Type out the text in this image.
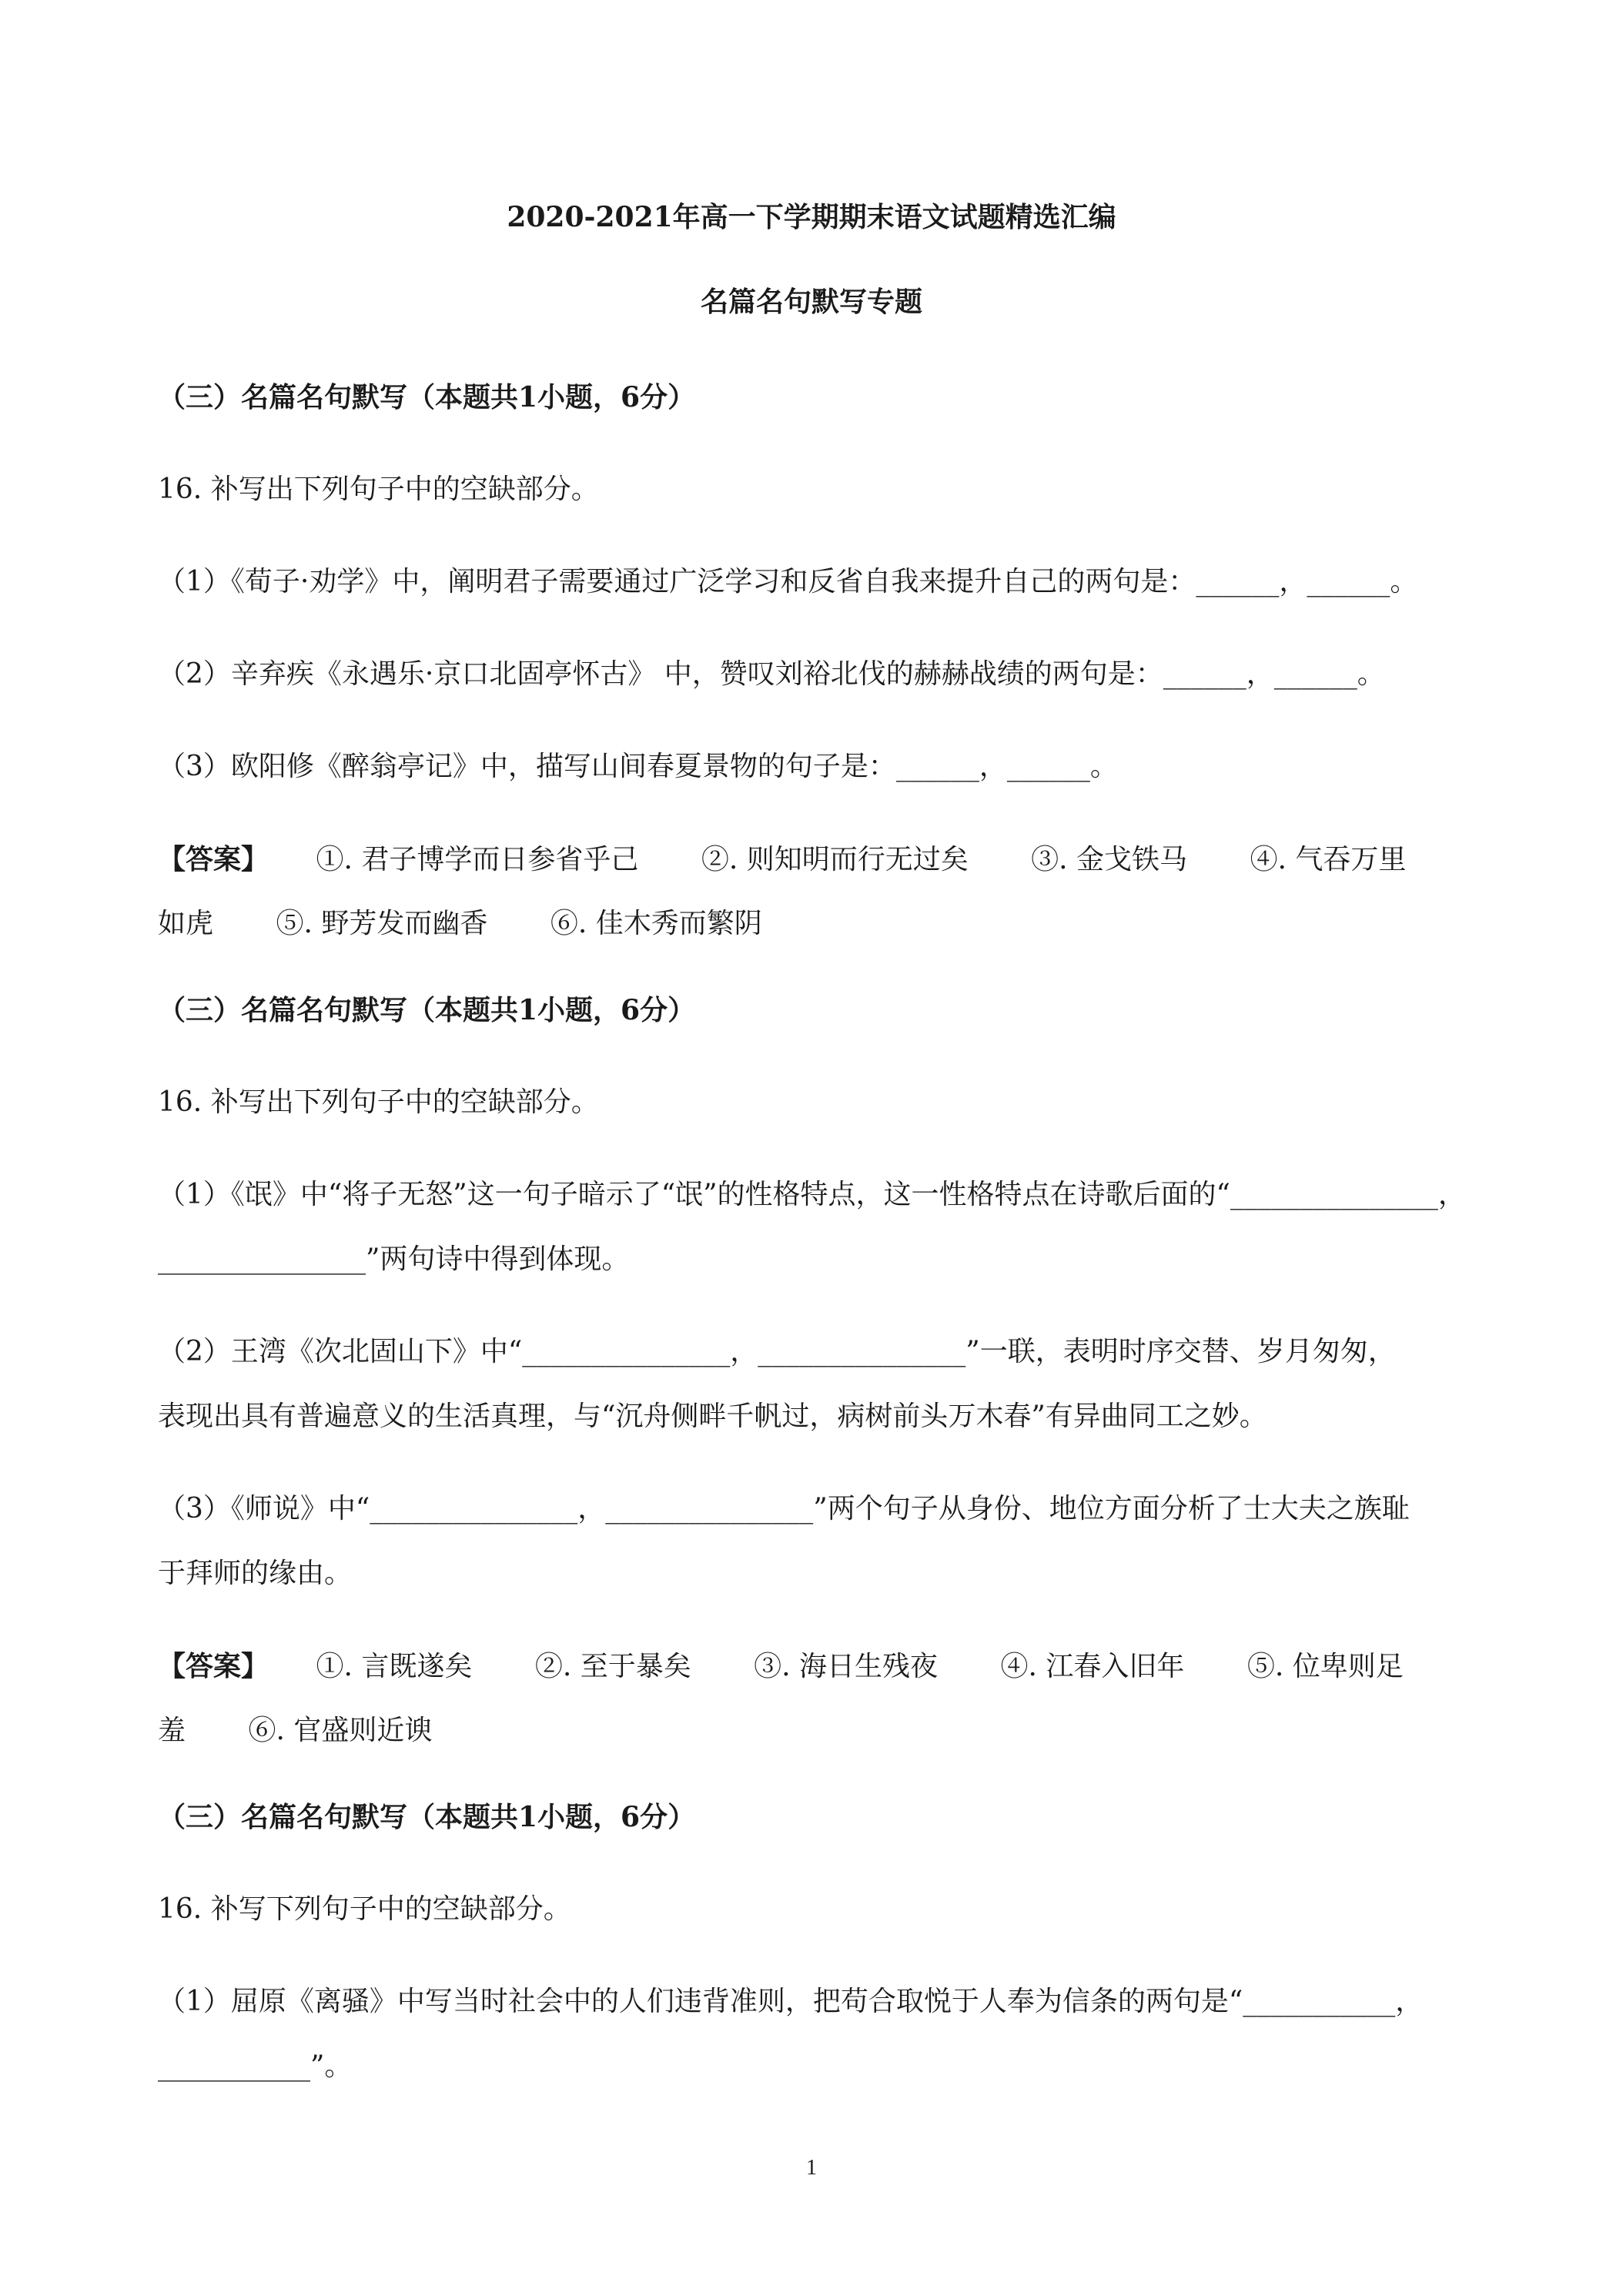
2020-2021年高一下学期期末语文试题精选汇编
名篇名句默写专题
（三）名篇名句默写（本题共1小题，6分）
16. 补写出下列句子中的空缺部分。
（1）《荀子·劝学》中，阐明君子需要通过广泛学习和反省自我来提升自己的两句是：______，______。
（2）辛弃疾《永遇乐·京口北固亭怀古》 中，赞叹刘裕北伐的赫赫战绩的两句是：______，______。
（3）欧阳修《醉翁亭记》中，描写山间春夏景物的句子是：______，______。
【答案】 ①. 君子博学而日参省乎己 ②. 则知明而行无过矣 ③. 金戈铁马 ④. 气吞万里
如虎 ⑤. 野芳发而幽香 ⑥. 佳木秀而繁阴
（三）名篇名句默写（本题共1小题，6分）
16. 补写出下列句子中的空缺部分。
（1）《氓》中“将子无怒”这一句子暗示了“氓”的性格特点，这一性格特点在诗歌后面的“_______________，
_______________”两句诗中得到体现。
（2）王湾《次北固山下》中“_______________，_______________”一联，表明时序交替、岁月匆匆，
表现出具有普遍意义的生活真理，与“沉舟侧畔千帆过，病树前头万木春”有异曲同工之妙。
（3）《师说》中“_______________，_______________”两个句子从身份、地位方面分析了士大夫之族耻
于拜师的缘由。
【答案】 ①. 言既遂矣 ②. 至于暴矣 ③. 海日生残夜 ④. 江春入旧年 ⑤. 位卑则足
羞 ⑥. 官盛则近谀
（三）名篇名句默写（本题共1小题，6分）
16. 补写下列句子中的空缺部分。
（1）屈原《离骚》中写当时社会中的人们违背准则，把苟合取悦于人奉为信条的两句是“___________，
___________”。
1
